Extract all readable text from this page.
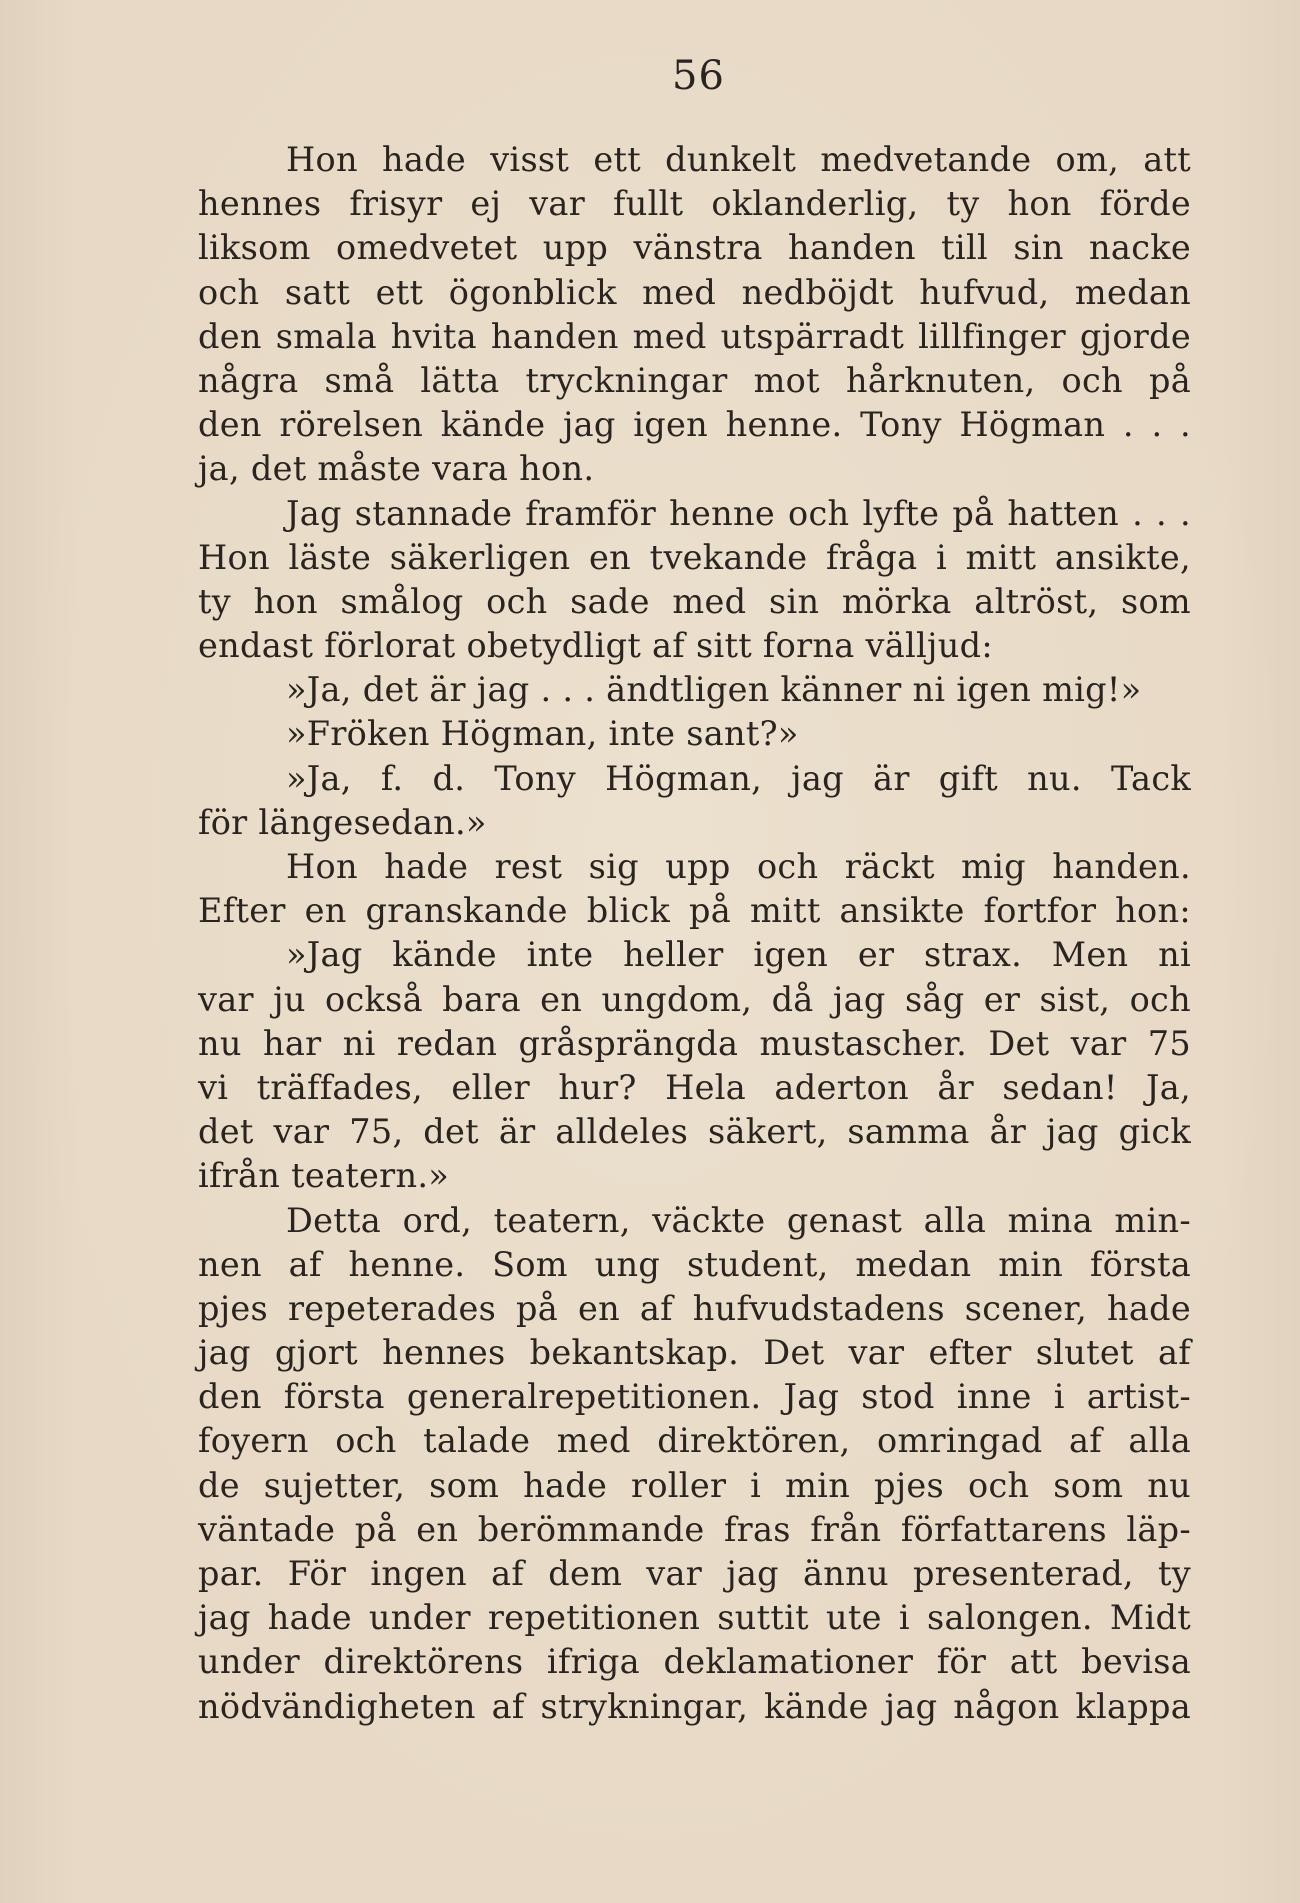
56
Hon hade visst ett dunkelt medvetande om, att
hennes frisyr ej var fullt oklanderlig, ty hon förde
liksom omedvetet upp vänstra handen till sin nacke
och satt ett ögonblick med nedböjdt hufvud, medan
den smala hvita handen med utspärradt lillfinger gjorde
några små lätta tryckningar mot hårknuten, och på
den rörelsen kände jag igen henne. Tony Högman . . .
ja, det måste vara hon.
Jag stannade framför henne och lyfte på hatten . . .
Hon läste säkerligen en tvekande fråga i mitt ansikte,
ty hon smålog och sade med sin mörka altröst, som
endast förlorat obetydligt af sitt forna välljud:
»Ja, det är jag . . . ändtligen känner ni igen mig!»
»Fröken Högman, inte sant?»
»Ja, f. d. Tony Högman, jag är gift nu. Tack
för längesedan.»
Hon hade rest sig upp och räckt mig handen.
Efter en granskande blick på mitt ansikte fortfor hon:
»Jag kände inte heller igen er strax. Men ni
var ju också bara en ungdom, då jag såg er sist, och
nu har ni redan gråsprängda mustascher. Det var 75
vi träffades, eller hur? Hela aderton år sedan! Ja,
det var 75, det är alldeles säkert, samma år jag gick
ifrån teatern.»
Detta ord, teatern, väckte genast alla mina min-
nen af henne. Som ung student, medan min första
pjes repeterades på en af hufvudstadens scener, hade
jag gjort hennes bekantskap. Det var efter slutet af
den första generalrepetitionen. Jag stod inne i artist-
foyern och talade med direktören, omringad af alla
de sujetter, som hade roller i min pjes och som nu
väntade på en berömmande fras från författarens läp-
par. För ingen af dem var jag ännu presenterad, ty
jag hade under repetitionen suttit ute i salongen. Midt
under direktörens ifriga deklamationer för att bevisa
nödvändigheten af strykningar, kände jag någon klappa
